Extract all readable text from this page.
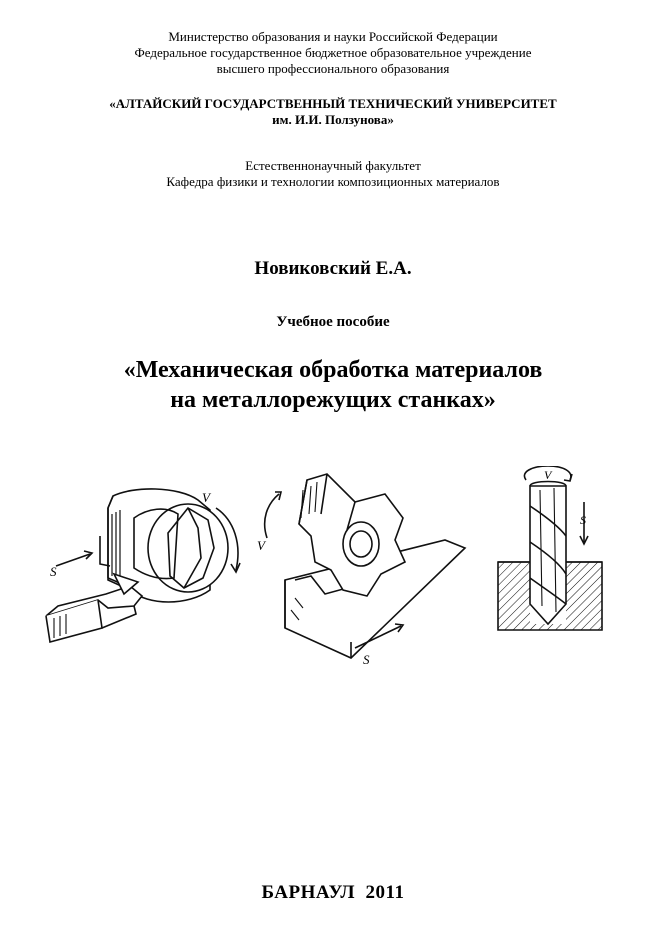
Министерство образования и науки Российской Федерации
Федеральное государственное бюджетное образовательное учреждение
высшего профессионального образования
«АЛТАЙСКИЙ ГОСУДАРСТВЕННЫЙ ТЕХНИЧЕСКИЙ УНИВЕРСИТЕТ
им. И.И. Ползунова»
Естественнонаучный факультет
Кафедра физики и технологии композиционных материалов
Новиковский Е.А.
Учебное пособие
«Механическая обработка материалов
на металлорежущих станках»
S
V
V
S
V
S
БАРНАУЛ  2011
